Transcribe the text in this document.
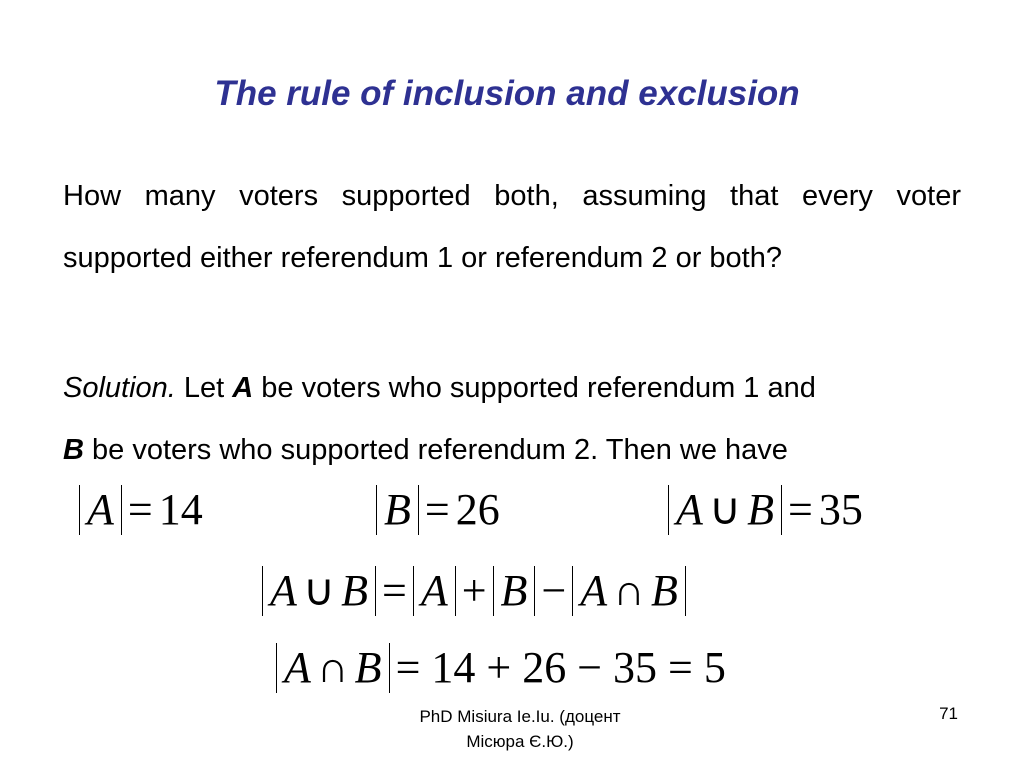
The rule of inclusion and exclusion
How many voters supported both, assuming that every voter supported either referendum 1 or referendum 2 or both?
Solution. Let A be voters who supported referendum 1 and
B be voters who supported referendum 2. Then we have
A = 14	B = 26	A ∪ B = 35
A ∪ B = A + B − A ∩ B
A ∩ B = 14 + 26 − 35 = 5
PhD Misiura Ie.Iu. (доцент
Місюра Є.Ю.)
71
